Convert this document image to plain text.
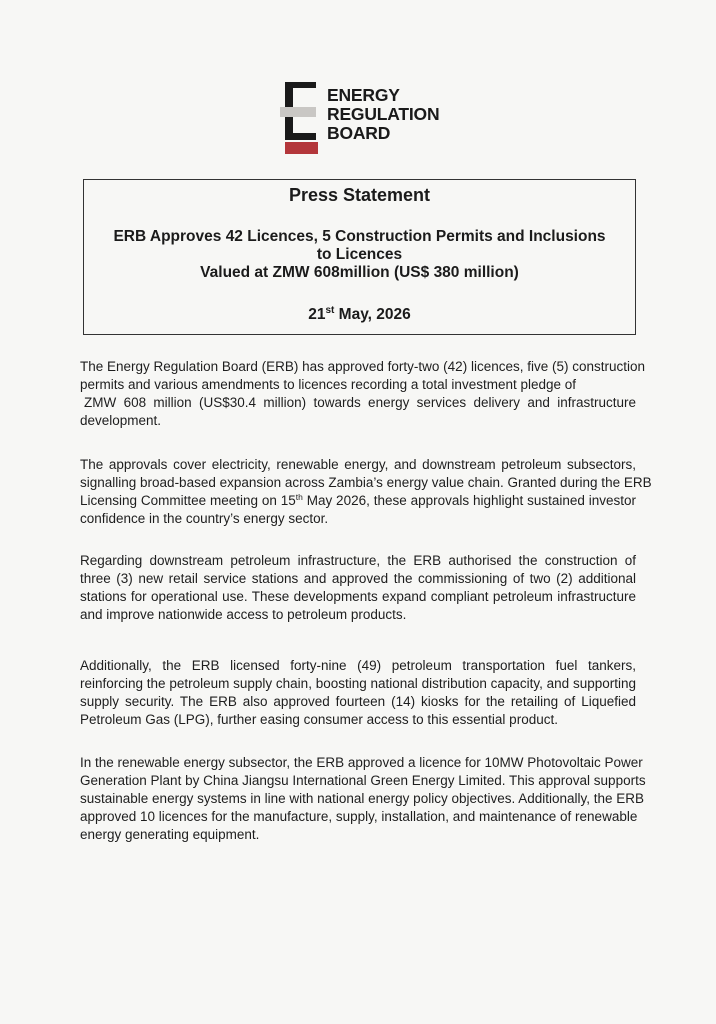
ENERGY
REGULATION
BOARD
Press Statement
ERB Approves 42 Licences, 5 Construction Permits and Inclusions
to Licences
Valued at ZMW 608million (US$ 380 million)
21st May, 2026
The Energy Regulation Board (ERB) has approved forty-two (42) licences, five (5) construction
permits and various amendments to licences recording a total investment pledge of
ZMW 608 million (US$30.4 million) towards energy services delivery and infrastructure
development.
The approvals cover electricity, renewable energy, and downstream petroleum subsectors,
signalling broad-based expansion across Zambia’s energy value chain. Granted during the ERB
Licensing Committee meeting on 15th May 2026, these approvals highlight sustained investor
confidence in the country’s energy sector.
Regarding downstream petroleum infrastructure, the ERB authorised the construction of
three (3) new retail service stations and approved the commissioning of two (2) additional
stations for operational use. These developments expand compliant petroleum infrastructure
and improve nationwide access to petroleum products.
Additionally, the ERB licensed forty-nine (49) petroleum transportation fuel tankers,
reinforcing the petroleum supply chain, boosting national distribution capacity, and supporting
supply security. The ERB also approved fourteen (14) kiosks for the retailing of Liquefied
Petroleum Gas (LPG), further easing consumer access to this essential product.
In the renewable energy subsector, the ERB approved a licence for 10MW Photovoltaic Power
Generation Plant by China Jiangsu International Green Energy Limited. This approval supports
sustainable energy systems in line with national energy policy objectives. Additionally, the ERB
approved 10 licences for the manufacture, supply, installation, and maintenance of renewable
energy generating equipment.
